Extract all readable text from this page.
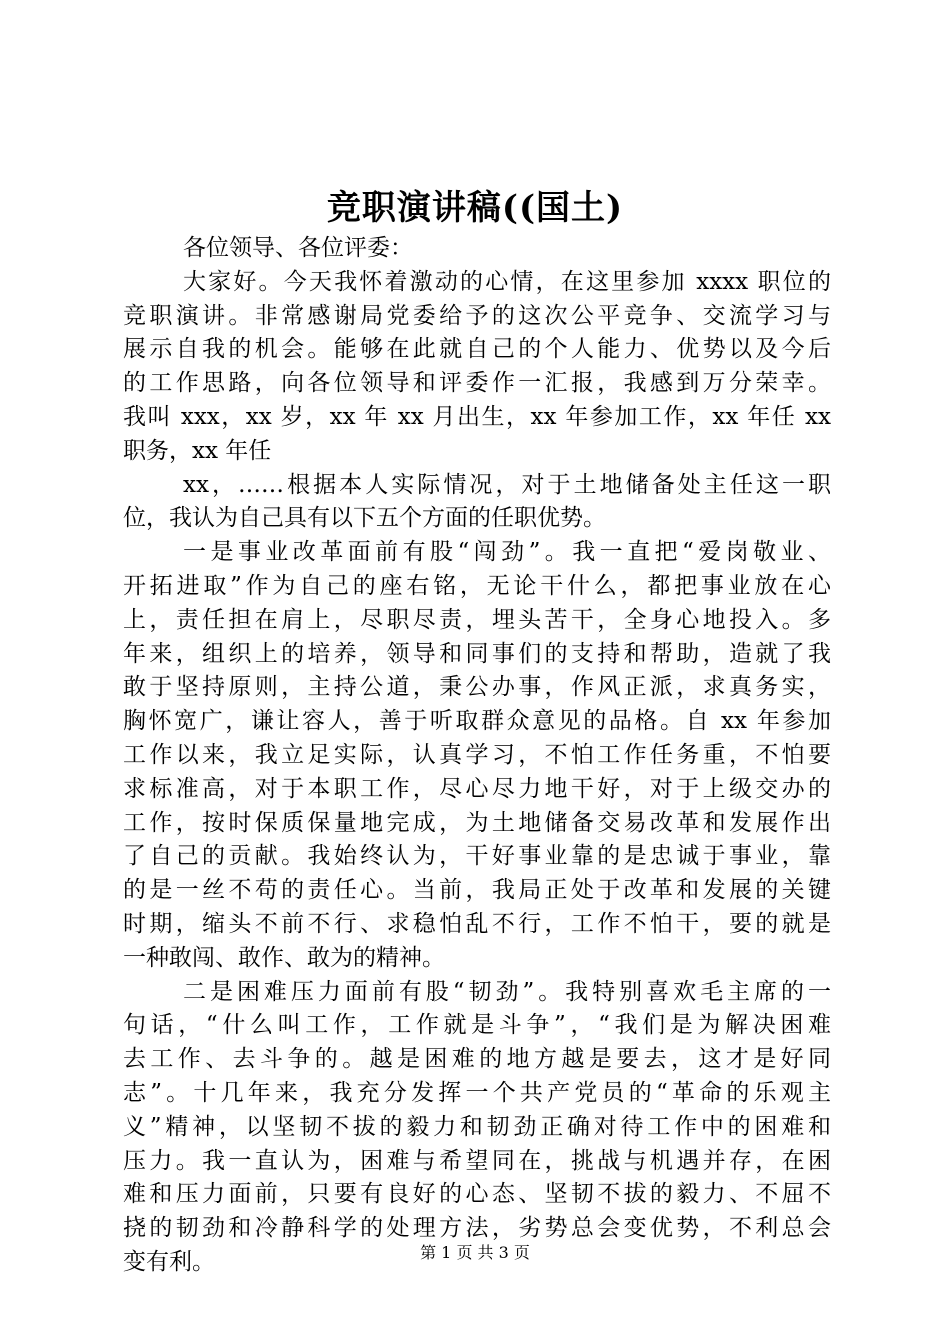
竞职演讲稿((国土)
各位领导、各位评委：
大家好。今天我怀着激动的心情，在这里参加 xxxx 职位的
竞职演讲。非常感谢局党委给予的这次公平竞争、交流学习与
展示自我的机会。能够在此就自己的个人能力、优势以及今后
的工作思路，向各位领导和评委作一汇报，我感到万分荣幸。
我叫 xxx，xx 岁，xx 年 xx 月出生，xx 年参加工作，xx 年任 xx
职务，xx 年任
xx，……根据本人实际情况，对于土地储备处主任这一职
位，我认为自己具有以下五个方面的任职优势。
一是事业改革面前有股“闯劲”。我一直把“爱岗敬业、
开拓进取”作为自己的座右铭，无论干什么，都把事业放在心
上，责任担在肩上，尽职尽责，埋头苦干，全身心地投入。多
年来，组织上的培养，领导和同事们的支持和帮助，造就了我
敢于坚持原则，主持公道，秉公办事，作风正派，求真务实，
胸怀宽广，谦让容人，善于听取群众意见的品格。自 xx 年参加
工作以来，我立足实际，认真学习，不怕工作任务重，不怕要
求标准高，对于本职工作，尽心尽力地干好，对于上级交办的
工作，按时保质保量地完成，为土地储备交易改革和发展作出
了自己的贡献。我始终认为，干好事业靠的是忠诚于事业，靠
的是一丝不苟的责任心。当前，我局正处于改革和发展的关键
时期，缩头不前不行、求稳怕乱不行，工作不怕干，要的就是
一种敢闯、敢作、敢为的精神。
二是困难压力面前有股“韧劲”。我特别喜欢毛主席的一
句话，“什么叫工作，工作就是斗争”，“我们是为解决困难
去工作、去斗争的。越是困难的地方越是要去，这才是好同
志”。十几年来，我充分发挥一个共产党员的“革命的乐观主
义”精神，以坚韧不拔的毅力和韧劲正确对待工作中的困难和
压力。我一直认为，困难与希望同在，挑战与机遇并存，在困
难和压力面前，只要有良好的心态、坚韧不拔的毅力、不屈不
挠的韧劲和冷静科学的处理方法，劣势总会变优势，不利总会
变有利。	第 1 页 共 3 页
